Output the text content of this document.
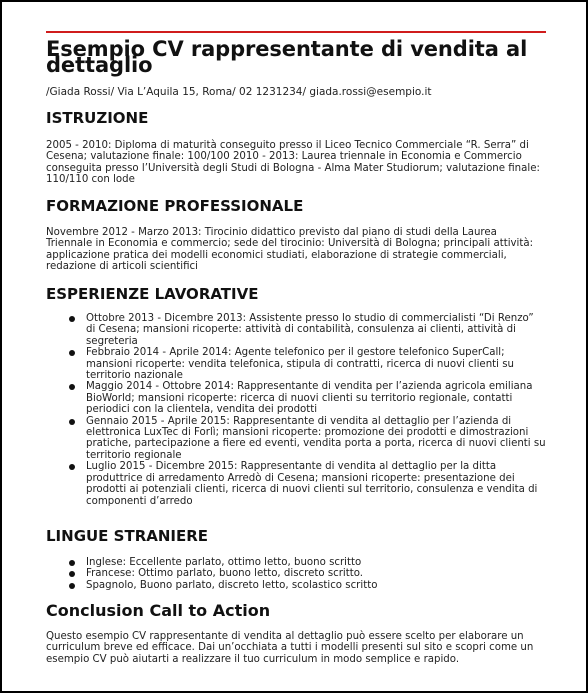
Esempio CV rappresentante di vendita al dettaglio
/Giada Rossi/ Via L’Aquila 15, Roma/ 02 1231234/ giada.rossi@esempio.it
ISTRUZIONE
2005 - 2010: Diploma di maturità conseguito presso il Liceo Tecnico Commerciale “R. Serra” di Cesena; valutazione finale: 100/100 2010 - 2013: Laurea triennale in Economia e Commercio conseguita presso l’Università degli Studi di Bologna - Alma Mater Studiorum; valutazione finale: 110/110 con lode
FORMAZIONE PROFESSIONALE
Novembre 2012 - Marzo 2013: Tirocinio didattico previsto dal piano di studi della Laurea Triennale in Economia e commercio; sede del tirocinio: Università di Bologna; principali attività: applicazione pratica dei modelli economici studiati, elaborazione di strategie commerciali, redazione di articoli scientifici
ESPERIENZE LAVORATIVE
Ottobre 2013 - Dicembre 2013: Assistente presso lo studio di commercialisti “Di Renzo” di Cesena; mansioni ricoperte: attività di contabilità, consulenza ai clienti, attività di segreteria
Febbraio 2014 - Aprile 2014: Agente telefonico per il gestore telefonico SuperCall; mansioni ricoperte: vendita telefonica, stipula di contratti, ricerca di nuovi clienti su territorio nazionale
Maggio 2014 - Ottobre 2014: Rappresentante di vendita per l’azienda agricola emiliana BioWorld; mansioni ricoperte: ricerca di nuovi clienti su territorio regionale, contatti periodici con la clientela, vendita dei prodotti
Gennaio 2015 - Aprile 2015: Rappresentante di vendita al dettaglio per l’azienda di elettronica LuxTec di Forlì; mansioni ricoperte: promozione dei prodotti e dimostrazioni pratiche, partecipazione a fiere ed eventi, vendita porta a porta, ricerca di nuovi clienti su territorio regionale
Luglio 2015 - Dicembre 2015: Rappresentante di vendita al dettaglio per la ditta produttrice di arredamento Arredò di Cesena; mansioni ricoperte: presentazione dei prodotti ai potenziali clienti, ricerca di nuovi clienti sul territorio, consulenza e vendita di componenti d’arredo
LINGUE STRANIERE
Inglese: Eccellente parlato, ottimo letto, buono scritto
Francese: Ottimo parlato, buono letto, discreto scritto.
Spagnolo, Buono parlato, discreto letto, scolastico scritto
Conclusion Call to Action
Questo esempio CV rappresentante di vendita al dettaglio può essere scelto per elaborare un curriculum breve ed efficace. Dai un’occhiata a tutti i modelli presenti sul sito e scopri come un esempio CV può aiutarti a realizzare il tuo curriculum in modo semplice e rapido.
